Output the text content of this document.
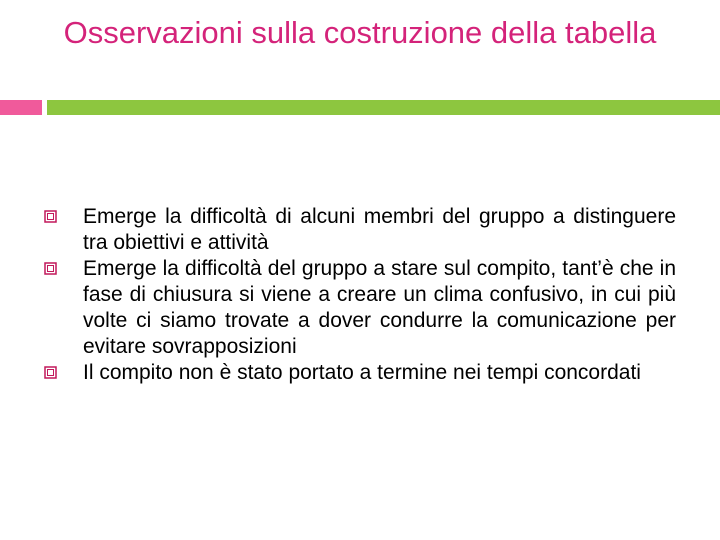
Osservazioni sulla costruzione della tabella
Emerge la difficoltà di alcuni membri del gruppo a distinguere tra obiettivi e attività
Emerge la difficoltà del gruppo a stare sul compito, tant’è che in fase di chiusura si viene a creare un clima confusivo, in cui più volte ci siamo trovate a dover condurre la comunicazione per evitare sovrapposizioni
Il compito non è stato portato a termine nei tempi concordati
